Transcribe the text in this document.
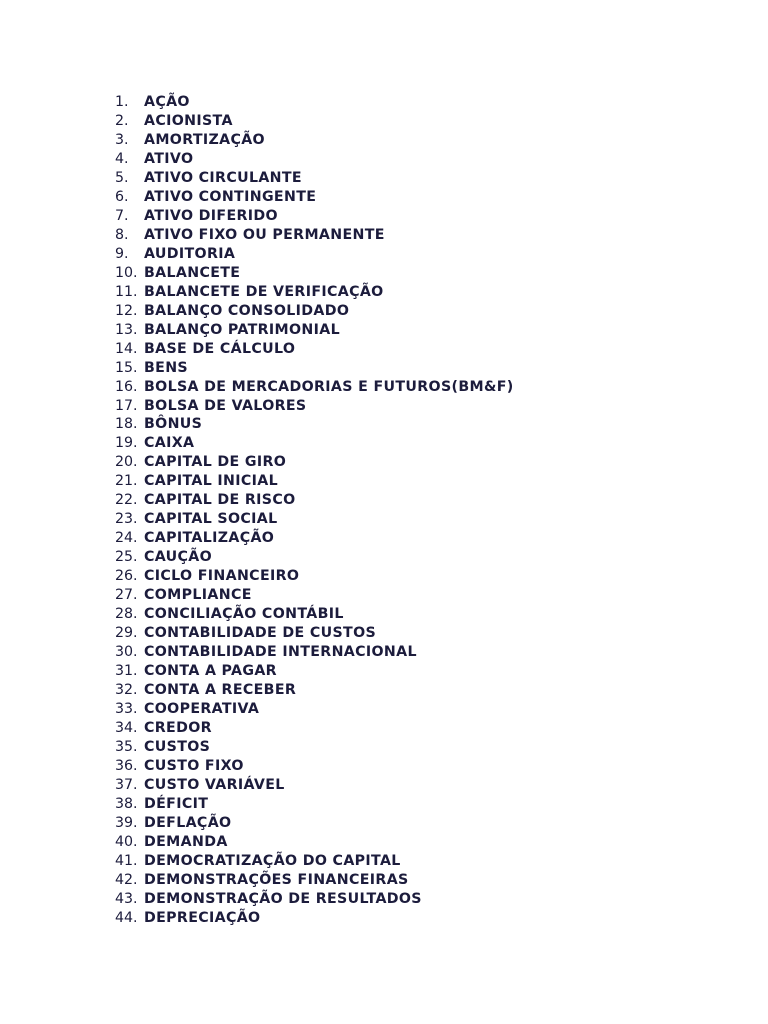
1.	AÇÃO
2.	ACIONISTA
3.	AMORTIZAÇÃO
4.	ATIVO
5.	ATIVO CIRCULANTE
6.	ATIVO CONTINGENTE
7.	ATIVO DIFERIDO
8.	ATIVO FIXO OU PERMANENTE
9.	AUDITORIA
10. BALANCETE
11. BALANCETE DE VERIFICAÇÃO
12. BALANÇO CONSOLIDADO
13. BALANÇO PATRIMONIAL
14. BASE DE CÁLCULO
15. BENS
16. BOLSA DE MERCADORIAS E FUTUROS(BM&F)
17. BOLSA DE VALORES
18. BÔNUS
19. CAIXA
20. CAPITAL DE GIRO
21. CAPITAL INICIAL
22. CAPITAL DE RISCO
23. CAPITAL SOCIAL
24. CAPITALIZAÇÃO
25. CAUÇÃO
26. CICLO FINANCEIRO
27. COMPLIANCE
28. CONCILIAÇÃO CONTÁBIL
29. CONTABILIDADE DE CUSTOS
30. CONTABILIDADE INTERNACIONAL
31. CONTA A PAGAR
32. CONTA A RECEBER
33. COOPERATIVA
34. CREDOR
35. CUSTOS
36. CUSTO FIXO
37. CUSTO VARIÁVEL
38. DÉFICIT
39. DEFLAÇÃO
40. DEMANDA
41. DEMOCRATIZAÇÃO DO CAPITAL
42. DEMONSTRAÇÕES FINANCEIRAS
43. DEMONSTRAÇÃO DE RESULTADOS
44. DEPRECIAÇÃO
